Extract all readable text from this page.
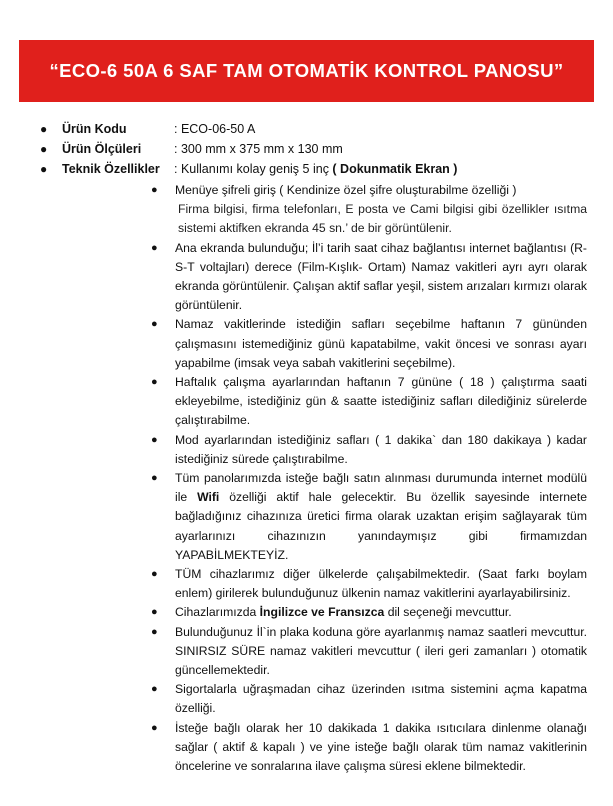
“ECO-6 50A 6 SAF TAM OTOMATİK KONTROL PANOSU”
●	Ürün Kodu	: ECO-06-50 A
●	Ürün Ölçüleri	: 300 mm x 375 mm x 130 mm
●	Teknik Özellikler	: Kullanımı kolay geniş 5 inç ( Dokunmatik Ekran )
●	Menüye şifreli giriş ( Kendinize özel şifre oluşturabilme özelliği )
Firma bilgisi, firma telefonları, E posta ve Cami bilgisi gibi özellikler ısıtma sistemi aktifken ekranda 45 sn.’ de bir görüntülenir.
●	Ana ekranda bulunduğu; İl’i tarih saat cihaz bağlantısı internet bağlantısı (R-S-T voltajları) derece (Film-Kışlık- Ortam) Namaz vakitleri ayrı ayrı olarak ekranda görüntülenir. Çalışan aktif saflar yeşil, sistem arızaları kırmızı olarak görüntülenir.
●	Namaz vakitlerinde istediğin safları seçebilme haftanın 7 gününden çalışmasını istemediğiniz günü kapatabilme, vakit öncesi ve sonrası ayarı yapabilme (imsak veya sabah vakitlerini seçebilme).
●	Haftalık çalışma ayarlarından haftanın 7 gününe ( 18 ) çalıştırma saati ekleyebilme, istediğiniz gün & saatte istediğiniz safları dilediğiniz sürelerde çalıştırabilme.
●	Mod ayarlarından istediğiniz safları ( 1 dakika` dan 180 dakikaya ) kadar istediğiniz sürede çalıştırabilme.
●	Tüm panolarımızda isteğe bağlı satın alınması durumunda internet modülü ile Wifi özelliği aktif hale gelecektir. Bu özellik sayesinde internete bağladığınız cihazınıza üretici firma olarak uzaktan erişim sağlayarak tüm ayarlarınızı cihazınızın yanındaymışız gibi firmamızdan YAPABİLMEKTEYİZ.
●	TÜM cihazlarımız diğer ülkelerde çalışabilmektedir. (Saat farkı boylam enlem) girilerek bulunduğunuz ülkenin namaz vakitlerini ayarlayabilirsiniz.
●	Cihazlarımızda İngilizce ve Fransızca dil seçeneği mevcuttur.
●	Bulunduğunuz İl`in plaka koduna göre ayarlanmış namaz saatleri mevcuttur. SINIRSIZ SÜRE namaz vakitleri mevcuttur ( ileri geri zamanları ) otomatik güncellemektedir.
●	Sigortalarla uğraşmadan cihaz üzerinden ısıtma sistemini açma kapatma özelliği.
●	İsteğe bağlı olarak her 10 dakikada 1 dakika ısıtıcılara dinlenme olanağı sağlar ( aktif & kapalı ) ve yine isteğe bağlı olarak tüm namaz vakitlerinin öncelerine ve sonralarına ilave çalışma süresi eklene bilmektedir.
